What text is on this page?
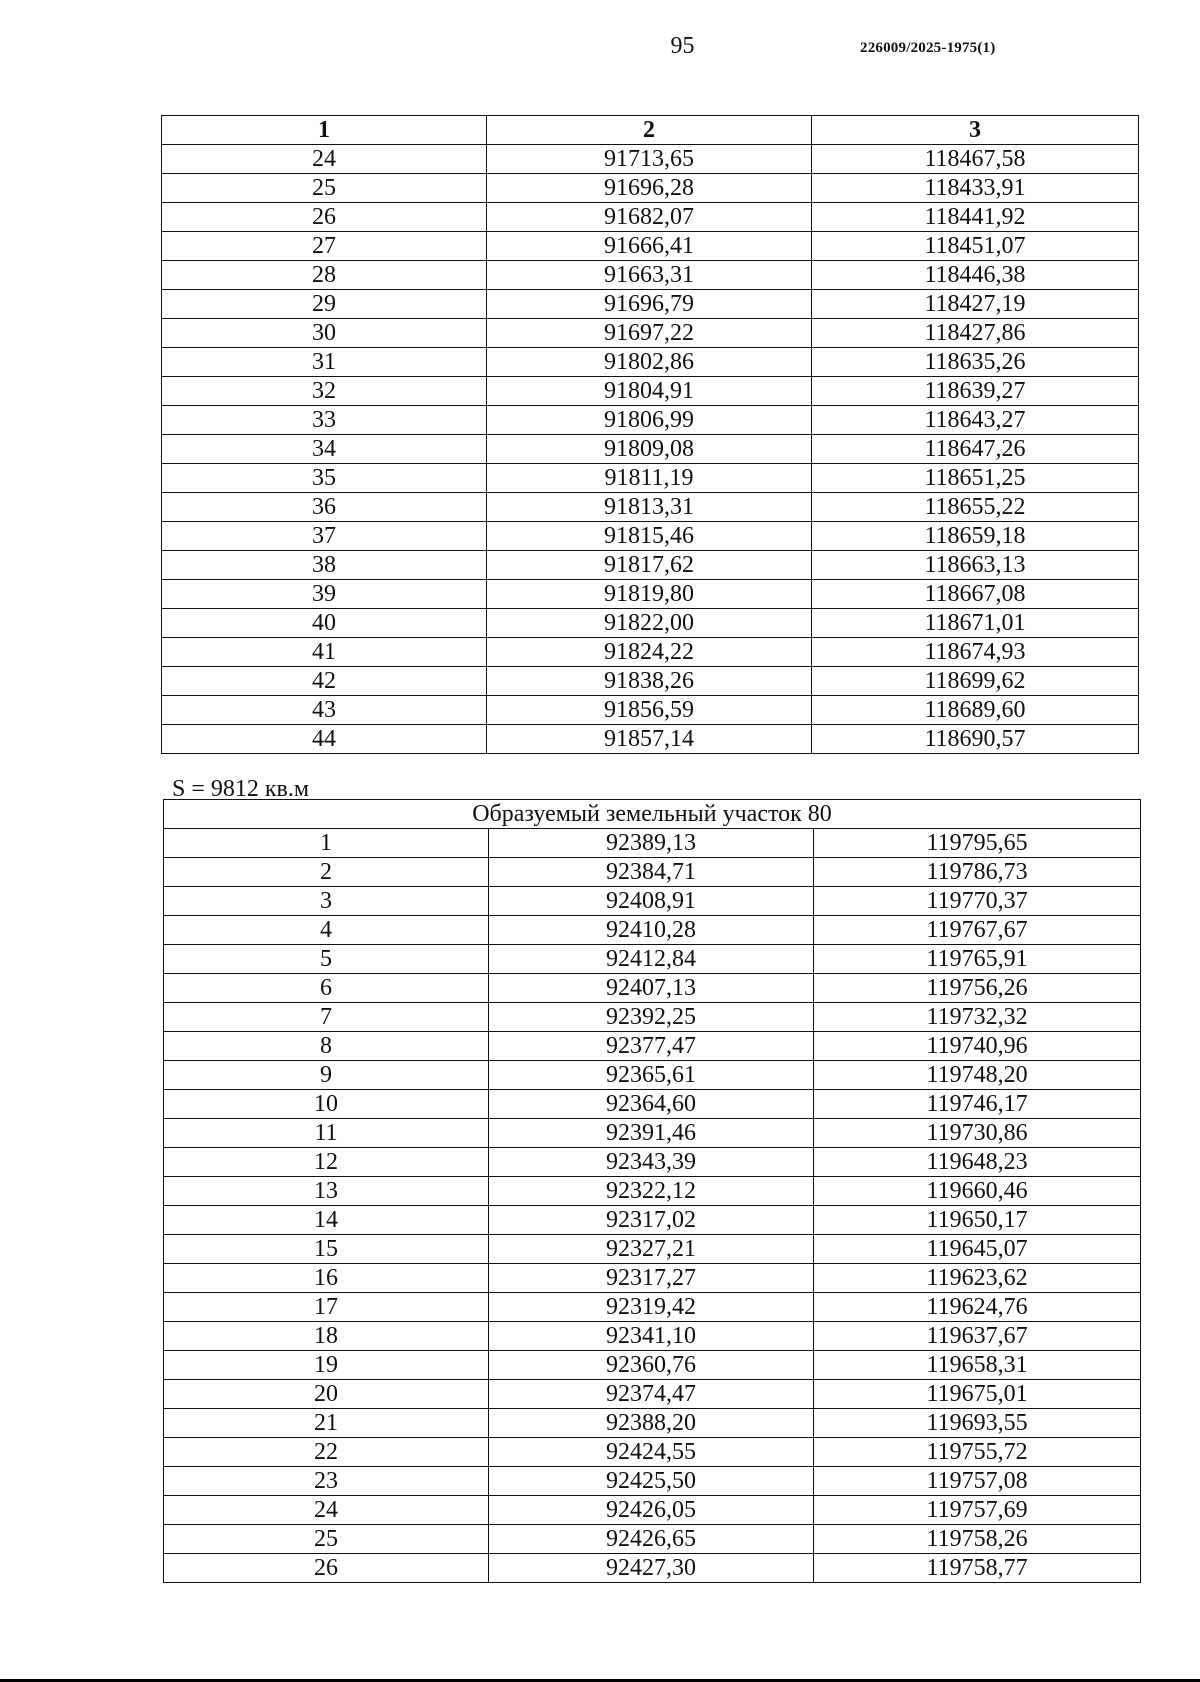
95	226009/2025-1975(1)
1	2	3
24	91713,65	118467,58
25	91696,28	118433,91
26	91682,07	118441,92
27	91666,41	118451,07
28	91663,31	118446,38
29	91696,79	118427,19
30	91697,22	118427,86
31	91802,86	118635,26
32	91804,91	118639,27
33	91806,99	118643,27
34	91809,08	118647,26
35	91811,19	118651,25
36	91813,31	118655,22
37	91815,46	118659,18
38	91817,62	118663,13
39	91819,80	118667,08
40	91822,00	118671,01
41	91824,22	118674,93
42	91838,26	118699,62
43	91856,59	118689,60
44	91857,14	118690,57
S = 9812 кв.м
Образуемый земельный участок 80		
1	92389,13	119795,65
2	92384,71	119786,73
3	92408,91	119770,37
4	92410,28	119767,67
5	92412,84	119765,91
6	92407,13	119756,26
7	92392,25	119732,32
8	92377,47	119740,96
9	92365,61	119748,20
10	92364,60	119746,17
11	92391,46	119730,86
12	92343,39	119648,23
13	92322,12	119660,46
14	92317,02	119650,17
15	92327,21	119645,07
16	92317,27	119623,62
17	92319,42	119624,76
18	92341,10	119637,67
19	92360,76	119658,31
20	92374,47	119675,01
21	92388,20	119693,55
22	92424,55	119755,72
23	92425,50	119757,08
24	92426,05	119757,69
25	92426,65	119758,26
26	92427,30	119758,77
